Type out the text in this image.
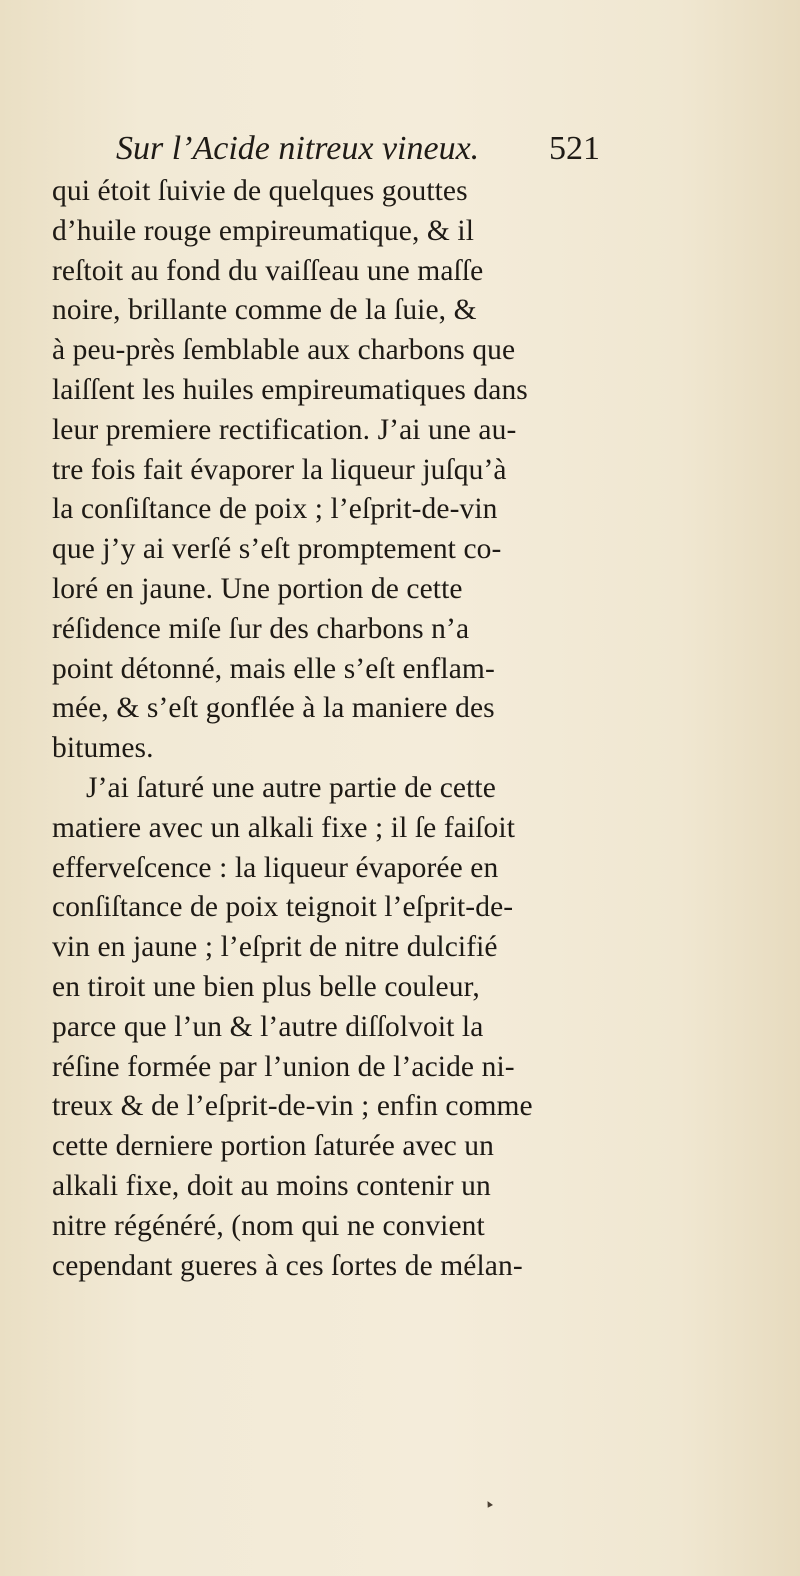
Sur l’Acide nitreux vineux. 521
qui étoit ſuivie de quelques gouttes
d’huile rouge empireumatique, & il
reſtoit au fond du vaiſſeau une maſſe
noire, brillante comme de la ſuie, &
à peu-près ſemblable aux charbons que
laiſſent les huiles empireumatiques dans
leur premiere rectification. J’ai une au-
tre fois fait évaporer la liqueur juſqu’à
la conſiſtance de poix ; l’eſprit-de-vin
que j’y ai verſé s’eſt promptement co-
loré en jaune. Une portion de cette
réſidence miſe ſur des charbons n’a
point détonné, mais elle s’eſt enflam-
mée, & s’eſt gonflée à la maniere des
bitumes.
J’ai ſaturé une autre partie de cette
matiere avec un alkali fixe ; il ſe faiſoit
efferveſcence : la liqueur évaporée en
conſiſtance de poix teignoit l’eſprit-de-
vin en jaune ; l’eſprit de nitre dulcifié
en tiroit une bien plus belle couleur,
parce que l’un & l’autre diſſolvoit la
réſine formée par l’union de l’acide ni-
treux & de l’eſprit-de-vin ; enfin comme
cette derniere portion ſaturée avec un
alkali fixe, doit au moins contenir un
nitre régénéré, (nom qui ne convient
cependant gueres à ces ſortes de mélan-
▴
